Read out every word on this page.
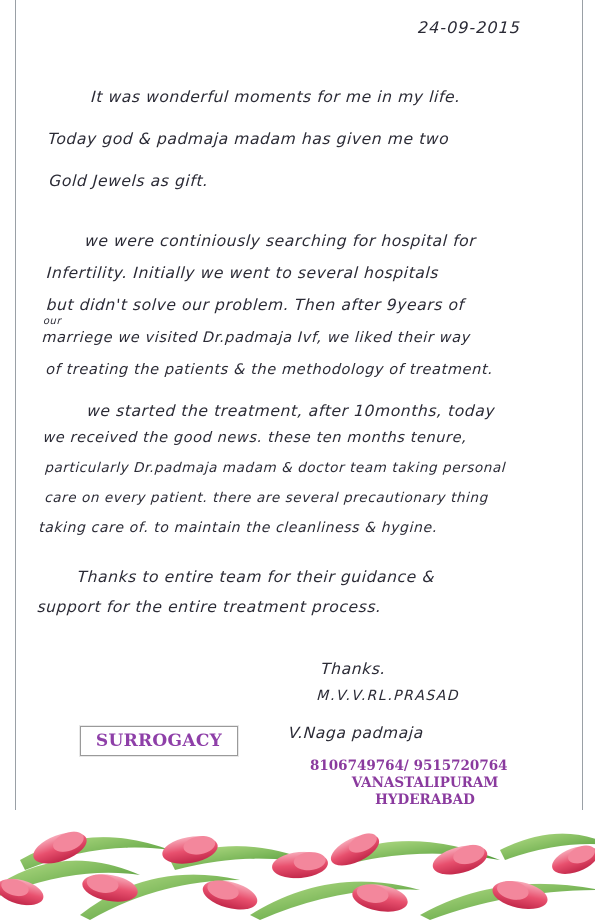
24-09-2015
It was wonderful moments for me in my life.
Today god & padmaja madam has given me two
Gold Jewels as gift.
we were continiously searching for hospital for
Infertility. Initially we went to several hospitals
but didn't solve our problem. Then after 9years of
our
marriege we visited Dr.padmaja Ivf, we liked their way
of treating the patients & the methodology of treatment.
we started the treatment, after 10months, today
we received the good news. these ten months tenure,
particularly Dr.padmaja madam & doctor team taking personal
care on every patient. there are several precautionary thing
taking care of. to maintain the cleanliness & hygine.
Thanks to entire team for their guidance &
support for the entire treatment process.
Thanks.
M.V.V.RL.PRASAD
V.Naga padmaja
SURROGACY
8106749764/ 9515720764
VANASTALIPURAM
HYDERABAD
